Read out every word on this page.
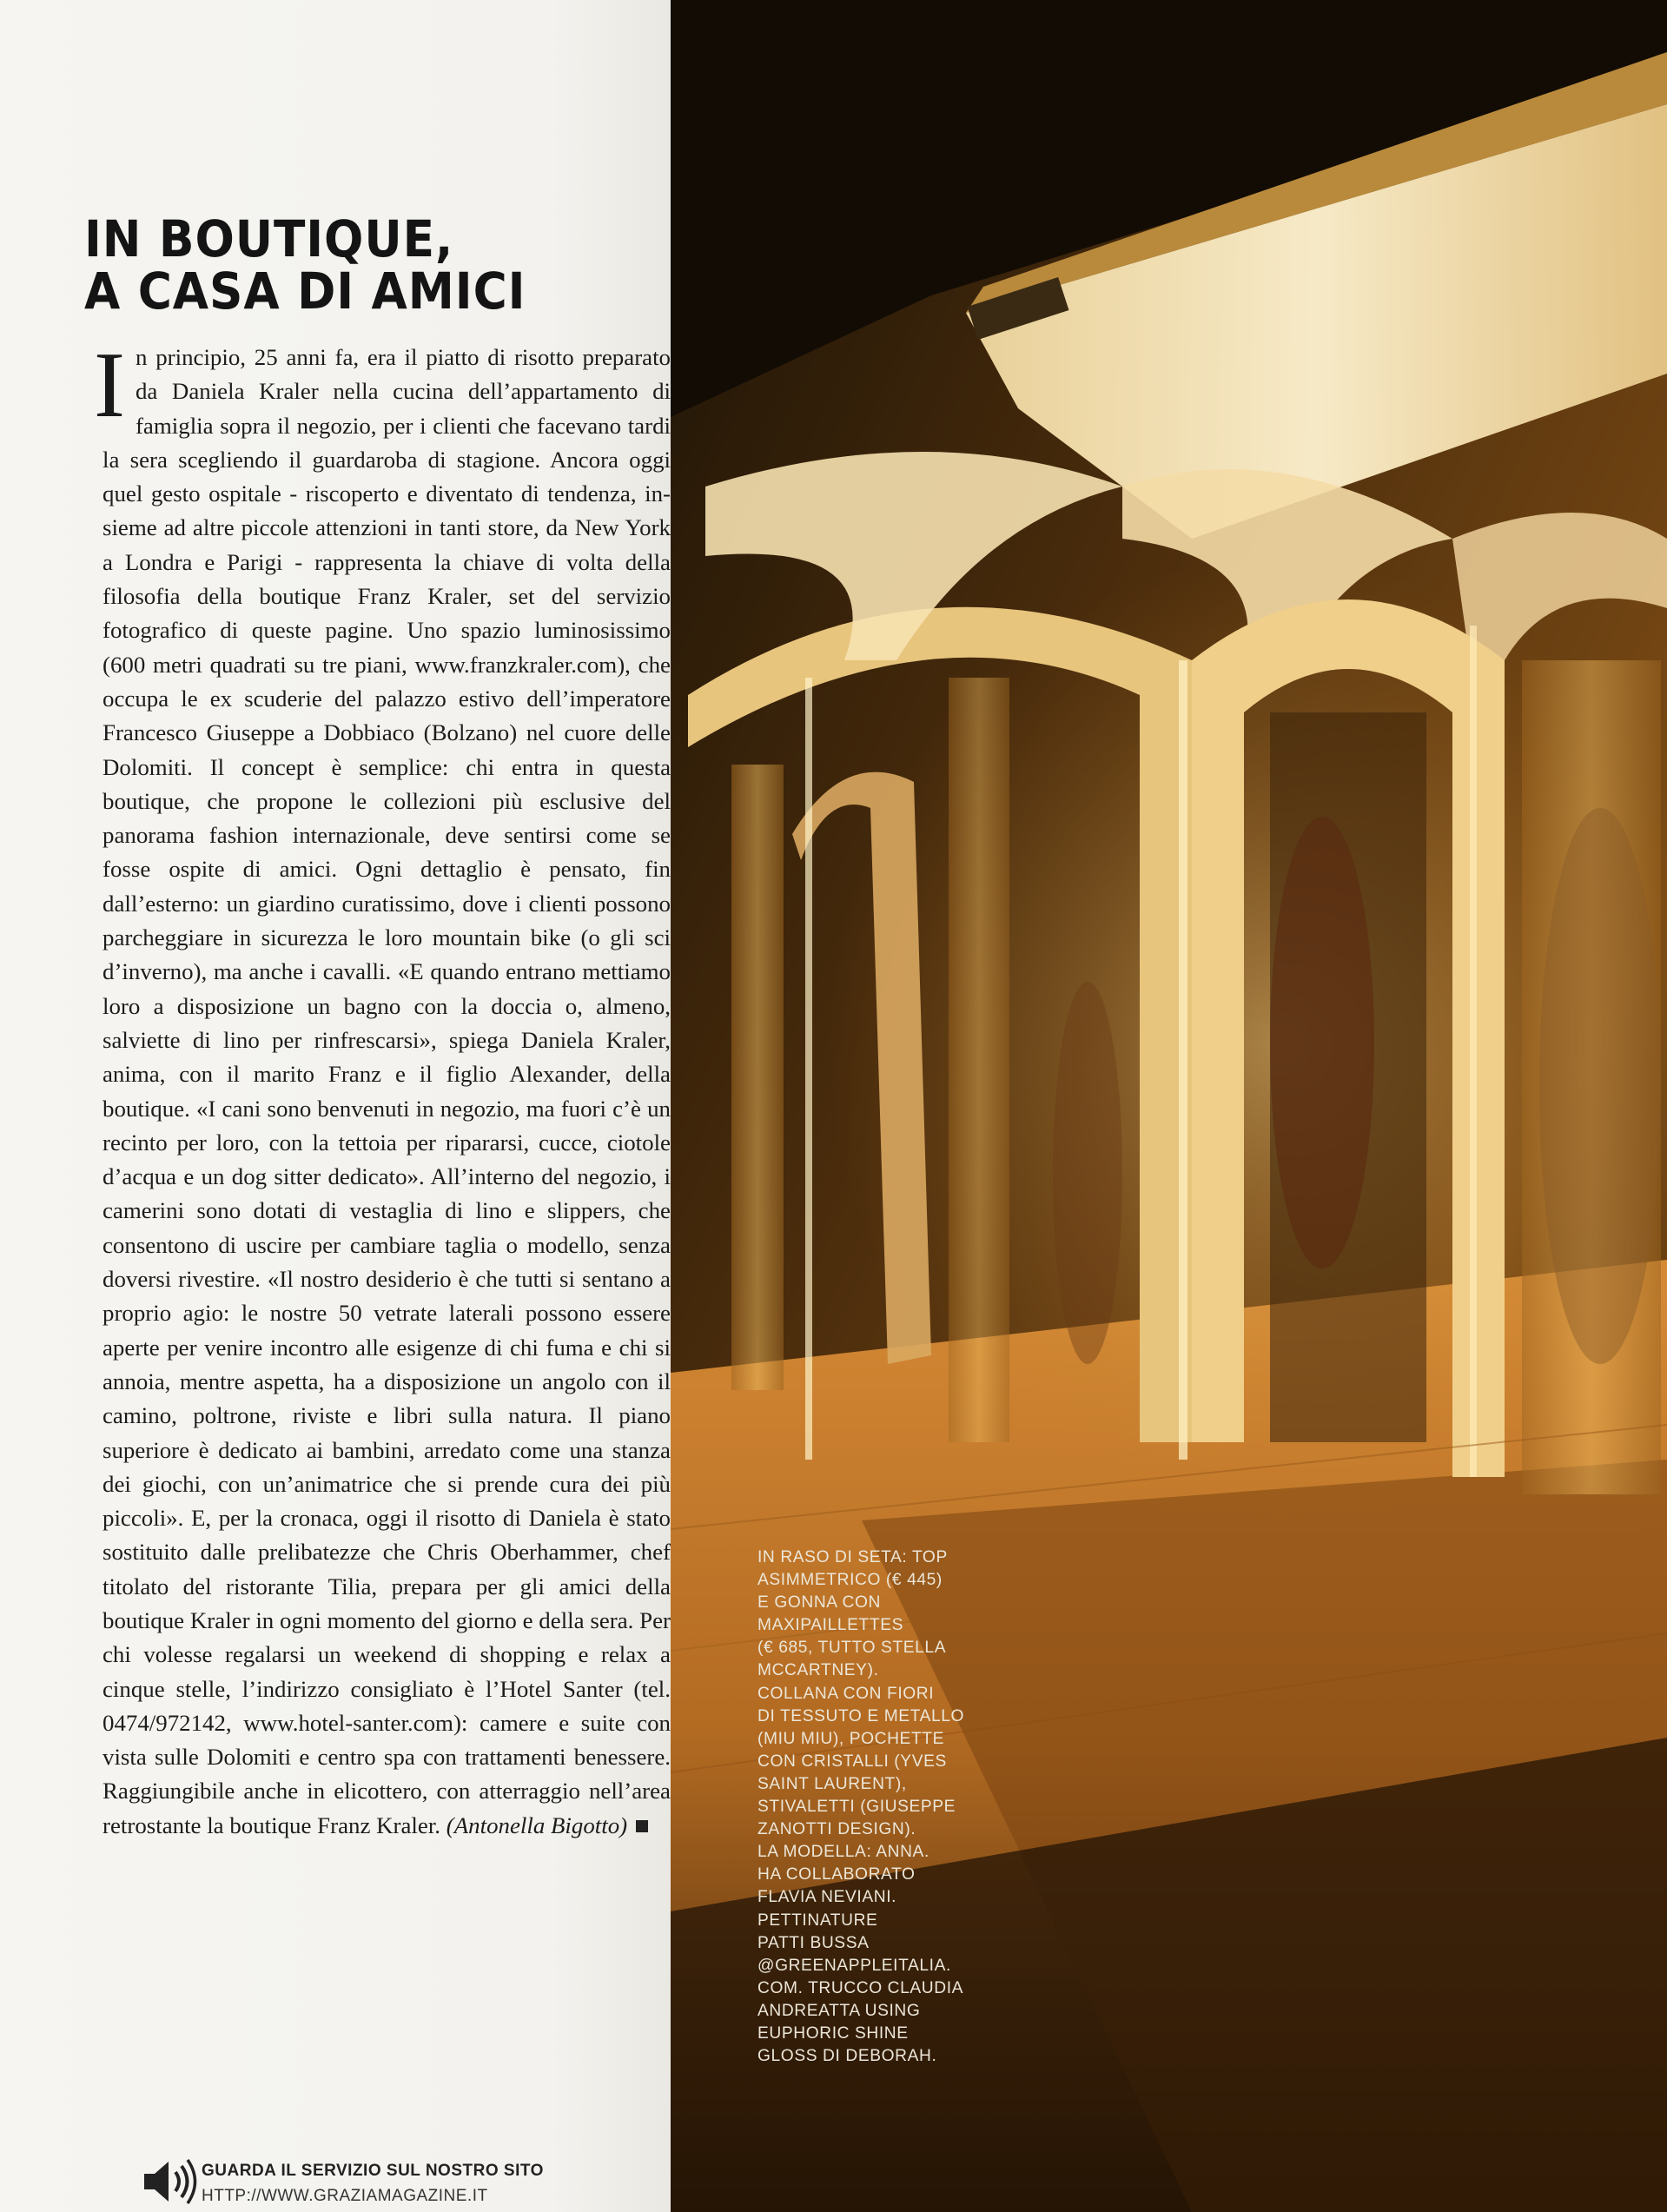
IN BOUTIQUE,
A CASA DI AMICI

In principio, 25 anni fa, era il piatto di risotto preparato da Daniela Kraler nella cucina dell’appartamento di famiglia sopra il negozio, per i clienti che facevano tardi la sera scegliendo il guardaroba di stagione. Ancora oggi quel gesto ospitale - riscoperto e diventato di tendenza, insieme ad altre piccole attenzioni in tanti store, da New York a Londra e Parigi - rappresenta la chiave di volta della filosofia della boutique Franz Kraler, set del servizio fotografico di queste pagine. Uno spazio luminosissimo (600 metri quadrati su tre piani, www.franzkraler.com), che occupa le ex scuderie del palazzo estivo dell’imperatore Francesco Giuseppe a Dobbiaco (Bolzano) nel cuore delle Dolomiti. Il concept è semplice: chi entra in questa boutique, che propone le collezioni più esclusive del panorama fashion internazionale, deve sentirsi come se fosse ospite di amici. Ogni dettaglio è pensato, fin dall’esterno: un giardino curatissimo, dove i clienti possono parcheggiare in sicurezza le loro mountain bike (o gli sci d’inverno), ma anche i cavalli. «E quando entrano mettiamo loro a disposizione un bagno con la doccia o, almeno, salviette di lino per rinfrescarsi», spiega Daniela Kraler, anima, con il marito Franz e il figlio Alexander, della boutique. «I cani sono benvenuti in negozio, ma fuori c’è un recinto per loro, con la tettoia per ripararsi, cucce, ciotole d’acqua e un dog sitter dedicato». All’interno del negozio, i camerini sono dotati di vestaglia di lino e slippers, che consentono di uscire per cambiare taglia o modello, senza doversi rivestire. «Il nostro desiderio è che tutti si sentano a proprio agio: le nostre 50 vetrate laterali possono essere aperte per venire incontro alle esigenze di chi fuma e chi si annoia, mentre aspetta, ha a disposizione un angolo con il camino, poltrone, riviste e libri sulla natura. Il piano superiore è dedicato ai bambini, arredato come una stanza dei giochi, con un’animatrice che si prende cura dei più piccoli». E, per la cronaca, oggi il risotto di Daniela è stato sostituito dalle prelibatezze che Chris Oberhammer, chef titolato del ristorante Tilia, prepara per gli amici della boutique Kraler in ogni momento del giorno e della sera. Per chi volesse regalarsi un weekend di shopping e relax a cinque stelle, l’indirizzo consigliato è l’Hotel Santer (tel. 0474/972142, www.hotel-santer.com): camere e suite con vista sulle Dolomiti e centro spa con trattamenti benessere. Raggiungibile anche in elicottero, con atterraggio nell’area retrostante la boutique Franz Kraler. (Antonella Bigotto)

GUARDA IL SERVIZIO SUL NOSTRO SITO
HTTP://WWW.GRAZIAMAGAZINE.IT
IN RASO DI SETA: TOP
ASIMMETRICO (€ 445)
E GONNA CON
MAXIPAILLETTES
(€ 685, TUTTO STELLA
MCCARTNEY).
COLLANA CON FIORI
DI TESSUTO E METALLO
(MIU MIU), POCHETTE
CON CRISTALLI (YVES
SAINT LAURENT),
STIVALETTI (GIUSEPPE
ZANOTTI DESIGN).
LA MODELLA: ANNA.
HA COLLABORATO
FLAVIA NEVIANI.
PETTINATURE
PATTI BUSSA
@GREENAPPLEITALIA.
COM. TRUCCO CLAUDIA
ANDREATTA USING
EUPHORIC SHINE
GLOSS DI DEBORAH.
